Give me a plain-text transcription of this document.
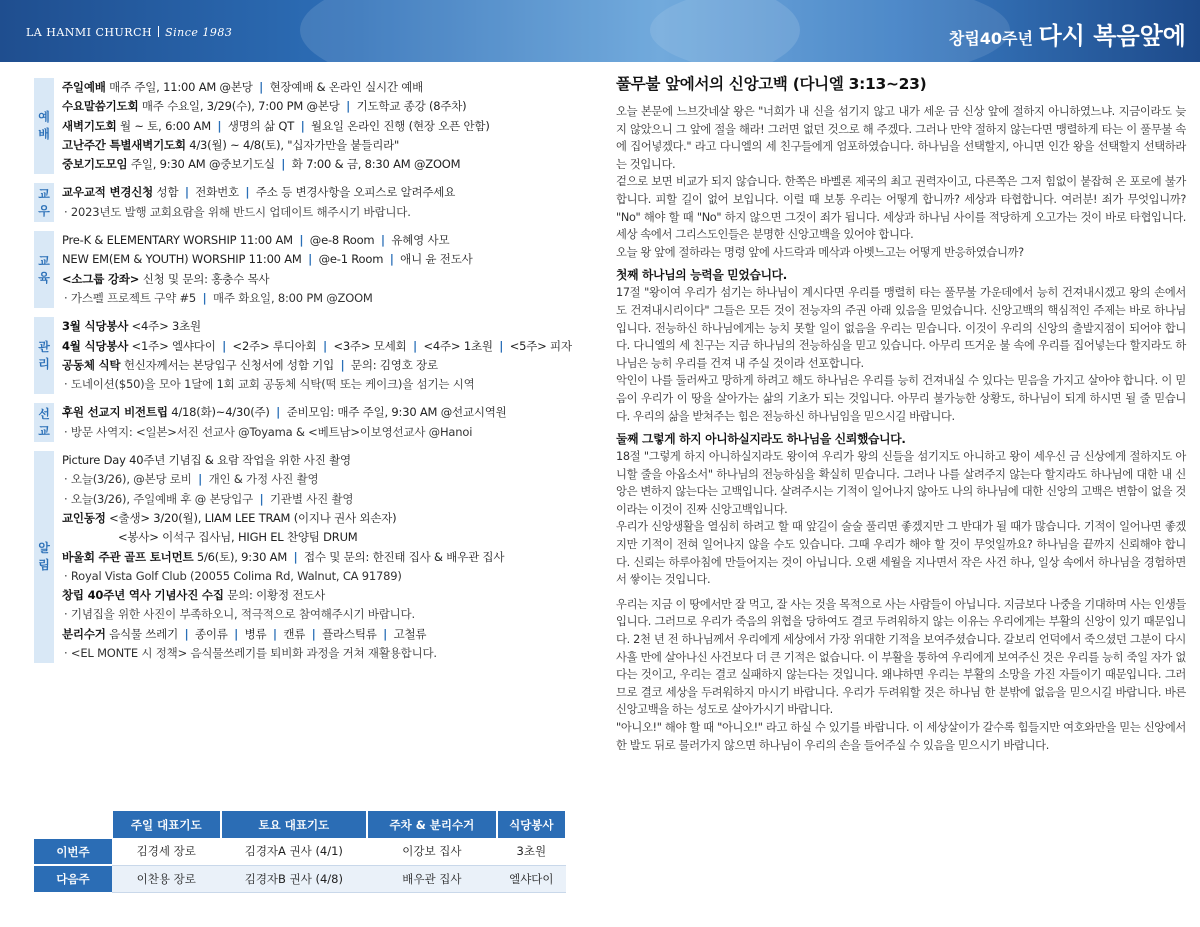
LA HANMI CHURCH Since 1983	창립40주년 다시 복음앞에
예
배
주일예배 매주 주일, 11:00 AM @본당 | 현장예배 & 온라인 실시간 예배
수요말씀기도회 매주 수요일, 3/29(수), 7:00 PM @본당 | 기도학교 종강 (8주차)
새벽기도회 월 ~ 토, 6:00 AM | 생명의 삶 QT | 월요일 온라인 진행 (현장 오픈 안함)
고난주간 특별새벽기도회 4/3(월) ~ 4/8(토), "십자가만을 붙들리라"
중보기도모임 주일, 9:30 AM @중보기도실 | 화 7:00 & 금, 8:30 AM @ZOOM
교
우
교우교적 변경신청 성함 | 전화번호 | 주소 등 변경사항을 오피스로 알려주세요
· 2023년도 발행 교회요람을 위해 반드시 업데이트 해주시기 바랍니다.
교
육
Pre-K & ELEMENTARY WORSHIP 11:00 AM | @e-8 Room | 유혜영 사모
NEW EM(EM & YOUTH) WORSHIP 11:00 AM | @e-1 Room | 애니 윤 전도사
<소그룹 강좌> 신청 및 문의: 홍충수 목사
· 가스펠 프로젝트 구약 #5 | 매주 화요일, 8:00 PM @ZOOM
관
리
3월 식당봉사 <4주> 3초원
4월 식당봉사 <1주> 엘샤다이 | <2주> 루디아회 | <3주> 모세회 | <4주> 1초원 | <5주> 피자
공동체 식탁 헌신자께서는 본당입구 신청서에 성함 기입 | 문의: 김영호 장로
· 도네이션($50)을 모아 1달에 1회 교회 공동체 식탁(떡 또는 케이크)을 섬기는 시역
선
교
후원 선교지 비전트립 4/18(화)~4/30(주) | 준비모임: 매주 주일, 9:30 AM @선교시역원
· 방문 사역지: <일본>서진 선교사 @Toyama & <베트남>이보영선교사 @Hanoi
알
림
Picture Day 40주년 기념집 & 요람 작업을 위한 사진 촬영
· 오늘(3/26), @본당 로비 | 개인 & 가정 사진 촬영
· 오늘(3/26), 주일예배 후 @ 본당입구 | 기관별 사진 촬영
교인동정 <출생> 3/20(월), LIAM LEE TRAM (이지나 권사 외손자)
<봉사> 이석구 집사님, HIGH EL 찬양팀 DRUM
바울회 주관 골프 토너먼트 5/6(토), 9:30 AM | 접수 및 문의: 한진태 집사 & 배우관 집사
· Royal Vista Golf Club (20055 Colima Rd, Walnut, CA 91789)
창립 40주년 역사 기념사진 수집 문의: 이황정 전도사
· 기념집을 위한 사진이 부족하오니, 적극적으로 참여해주시기 바랍니다.
분리수거 음식물 쓰레기 | 종이류 | 병류 | 캔류 | 플라스틱류 | 고철류
· <EL MONTE 시 정책> 음식물쓰레기를 퇴비화 과정을 거쳐 재활용합니다.
	주일 대표기도	토요 대표기도	주차 & 분리수거	식당봉사
이번주	김경세 장로	김경자A 권사 (4/1)	이강보 집사	3초원
다음주	이찬용 장로	김경자B 권사 (4/8)	배우관 집사	엘샤다이
풀무불 앞에서의 신앙고백 (다니엘 3:13~23)

오늘 본문에 느브갓네살 왕은 "너희가 내 신을 섬기지 않고 내가 세운 금 신상 앞에 절하지 아니하였느냐. 지금이라도 늦지 않았으니 그 앞에 절을 해라! 그러면 없던 것으로 해 주겠다. 그러나 만약 절하지 않는다면 맹렬하게 타는 이 풀무불 속에 집어넣겠다." 라고 다니엘의 세 친구들에게 엄포하였습니다. 하나님을 선택할지, 아니면 인간 왕을 선택할지 선택하라는 것입니다.

겉으로 보면 비교가 되지 않습니다. 한쪽은 바벨론 제국의 최고 권력자이고, 다른쪽은 그저 힘없이 붙잡혀 온 포로에 불가합니다. 피할 길이 없어 보입니다. 이럴 때 보통 우리는 어떻게 합니까? 세상과 타협합니다. 여러분! 죄가 무엇입니까? "No" 해야 할 때 "No" 하지 않으면 그것이 죄가 됩니다. 세상과 하나님 사이를 적당하게 오고가는 것이 바로 타협입니다. 세상 속에서 그리스도인들은 분명한 신앙고백을 있어야 합니다.

오늘 왕 앞에 절하라는 명령 앞에 사드락과 메삭과 아벳느고는 어떻게 반응하였습니까?

첫째 하나님의 능력을 믿었습니다.

17절 "왕이여 우리가 섬기는 하나님이 계시다면 우리를 맹렬히 타는 풀무불 가운데에서 능히 건져내시겠고 왕의 손에서도 건져내시리이다" 그들은 모든 것이 전능자의 주권 아래 있음을 믿었습니다. 신앙고백의 핵심적인 주제는 바로 하나님입니다. 전능하신 하나님에게는 능치 못할 일이 없음을 우리는 믿습니다. 이것이 우리의 신앙의 출발지점이 되어야 합니다. 다니엘의 세 친구는 지금 하나님의 전능하심을 믿고 있습니다. 아무리 뜨거운 불 속에 우리를 집어넣는다 할지라도 하나님은 능히 우리를 건져 내 주실 것이라 선포합니다.

악인이 나를 둘러싸고 망하게 하려고 해도 하나님은 우리를 능히 건져내실 수 있다는 믿음을 가지고 살아야 합니다. 이 믿음이 우리가 이 땅을 살아가는 삶의 기초가 되는 것입니다. 아무리 불가능한 상황도, 하나님이 되게 하시면 될 줄 믿습니다. 우리의 삶을 받쳐주는 힘은 전능하신 하나님임을 믿으시길 바랍니다.

둘째 그렇게 하지 아니하실지라도 하나님을 신뢰했습니다.

18절 "그렇게 하지 아니하실지라도 왕이여 우리가 왕의 신들을 섬기지도 아니하고 왕이 세우신 금 신상에게 절하지도 아니할 줄을 아옵소서" 하나님의 전능하심을 확실히 믿습니다. 그러나 나를 살려주지 않는다 할지라도 하나님에 대한 내 신앙은 변하지 않는다는 고백입니다. 살려주시는 기적이 일어나지 않아도 나의 하나님에 대한 신앙의 고백은 변함이 없을 것이라는 이것이 진짜 신앙고백입니다.

우리가 신앙생활을 열심히 하려고 할 때 앞길이 술술 풀리면 좋겠지만 그 반대가 될 때가 많습니다. 기적이 일어나면 좋겠지만 기적이 전혀 일어나지 않을 수도 있습니다. 그때 우리가 해야 할 것이 무엇일까요? 하나님을 끝까지 신뢰해야 합니다. 신뢰는 하루아침에 만들어지는 것이 아닙니다. 오랜 세월을 지나면서 작은 사건 하나, 일상 속에서 하나님을 경험하면서 쌓이는 것입니다.

우리는 지금 이 땅에서만 잘 먹고, 잘 사는 것을 목적으로 사는 사람들이 아닙니다. 지금보다 나중을 기대하며 사는 인생들입니다. 그러므로 우리가 죽음의 위협을 당하여도 결코 두려워하지 않는 이유는 우리에게는 부활의 신앙이 있기 때문입니다. 2천 년 전 하나님께서 우리에게 세상에서 가장 위대한 기적을 보여주셨습니다. 갈보리 언덕에서 죽으셨던 그분이 다시 사흘 만에 살아나신 사건보다 더 큰 기적은 없습니다. 이 부활을 통하여 우리에게 보여주신 것은 우리를 능히 죽일 자가 없다는 것이고, 우리는 결코 실패하지 않는다는 것입니다. 왜냐하면 우리는 부활의 소망을 가진 자들이기 때문입니다. 그러므로 결코 세상을 두려워하지 마시기 바랍니다. 우리가 두려워할 것은 하나님 한 분밖에 없음을 믿으시길 바랍니다. 바른 신앙고백을 하는 성도로 살아가시기 바랍니다.

"아니오!" 해야 할 때 "아니오!" 라고 하실 수 있기를 바랍니다. 이 세상살이가 갈수록 힘들지만 여호와만을 믿는 신앙에서 한 발도 뒤로 물러가지 않으면 하나님이 우리의 손을 들어주실 수 있음을 믿으시기 바랍니다.
